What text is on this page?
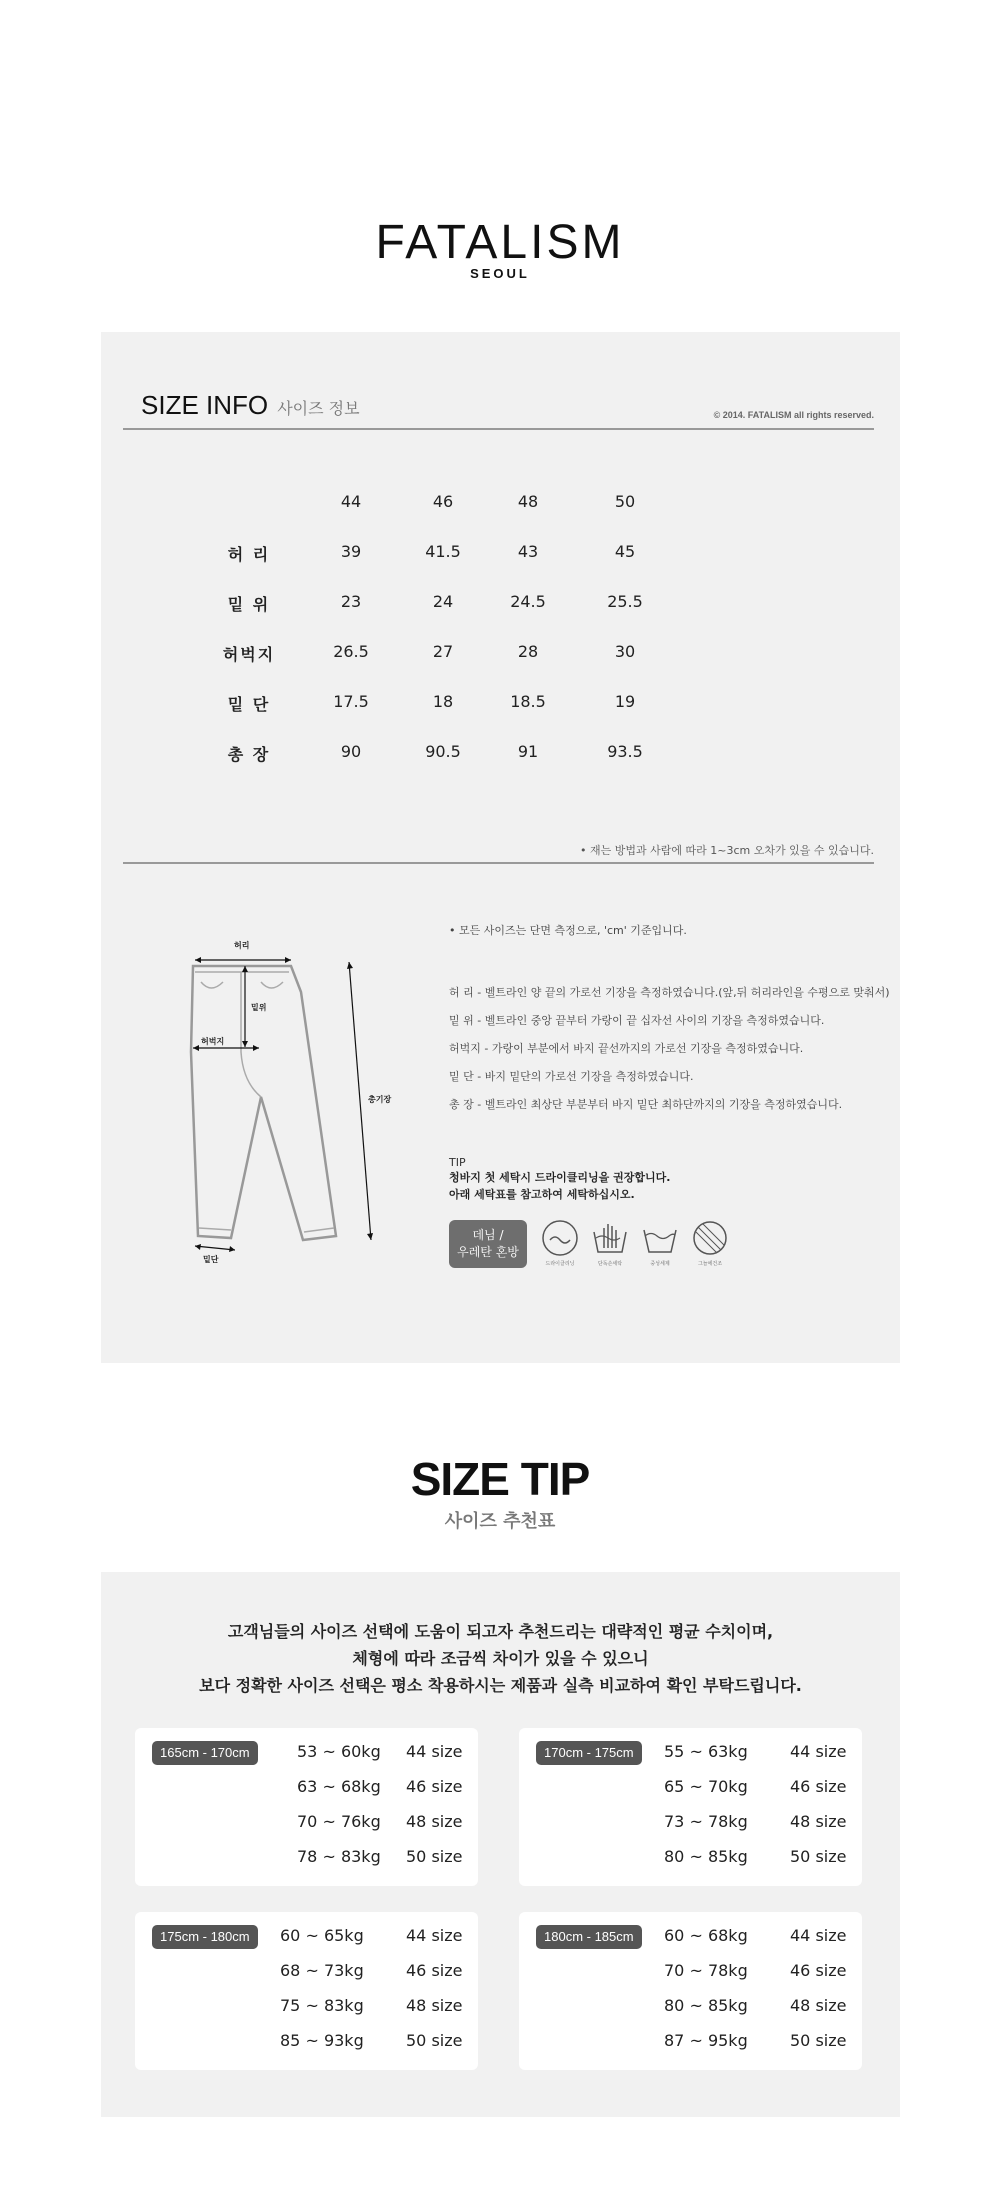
FATALISM
SEOUL
SIZE INFO 사이즈 정보	© 2014. FATALISM all rights reserved.
44	46	48	50
허 리	39	41.5	43	45
밑 위	23	24	24.5	25.5
허벅지	26.5	27	28	30
밑 단	17.5	18	18.5	19
총 장	90	90.5	91	93.5
• 재는 방법과 사람에 따라 1~3cm 오차가 있을 수 있습니다.
허리
밑위
허벅지
총기장
밑단
• 모든 사이즈는 단면 측정으로, 'cm' 기준입니다.
허 리 - 벨트라인 양 끝의 가로선 기장을 측정하였습니다.(앞,뒤 허리라인을 수평으로 맞춰서)
밑 위 - 벨트라인 중앙 끝부터 가랑이 끝 십자선 사이의 기장을 측정하였습니다.
허벅지 - 가랑이 부분에서 바지 끝선까지의 가로선 기장을 측정하였습니다.
밑 단 - 바지 밑단의 가로선 기장을 측정하였습니다.
총 장 - 벨트라인 최상단 부분부터 바지 밑단 최하단까지의 기장을 측정하였습니다.
TIP
청바지 첫 세탁시 드라이클리닝을 권장합니다.
아래 세탁표를 참고하여 세탁하십시오.
데님 /
우레탄 혼방
드라이클리닝	단독손세탁	중성세제	그늘에건조
SIZE TIP
사이즈 추천표
고객님들의 사이즈 선택에 도움이 되고자 추천드리는 대략적인 평균 수치이며,
체형에 따라 조금씩 차이가 있을 수 있으니
보다 정확한 사이즈 선택은 평소 착용하시는 제품과 실측 비교하여 확인 부탁드립니다.
165cm - 170cm	53 ~ 60kg 44 size
63 ~ 68kg 46 size
70 ~ 76kg 48 size
78 ~ 83kg 50 size
170cm - 175cm	55 ~ 63kg	44 size
65 ~ 70kg	46 size
73 ~ 78kg	48 size
80 ~ 85kg	50 size
175cm - 180cm	60 ~ 65kg	44 size
68 ~ 73kg	46 size
75 ~ 83kg	48 size
85 ~ 93kg	50 size
180cm - 185cm	60 ~ 68kg	44 size
70 ~ 78kg	46 size
80 ~ 85kg	48 size
87 ~ 95kg	50 size
